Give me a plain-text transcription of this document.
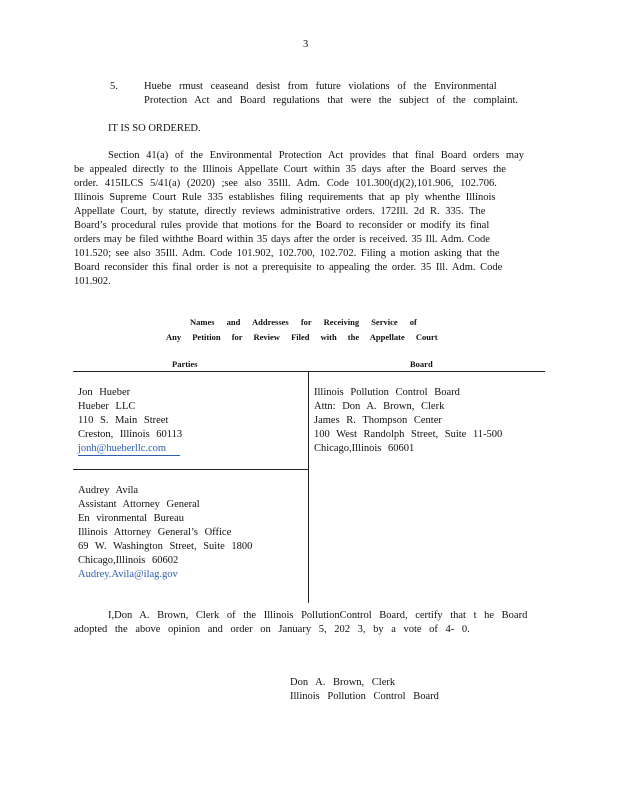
3
5. Huebe rmust ceaseand desist from future violations of the Environmental
Protection Act and Board regulations that were the subject of the complaint.
IT IS SO ORDERED.
Section 41(a) of the Environmental Protection Act provides that final Board orders may
be appealed directly to the Illinois Appellate Court within 35 days after the Board serves the
order. 415ILCS 5/41(a) (2020) ;see also 35Ill. Adm. Code 101.300(d)(2),101.906, 102.706.
Illinois Supreme Court Rule 335 establishes filing requirements that ap ply whenthe Illinois
Appellate Court, by statute, directly reviews administrative orders. 172Ill. 2d R. 335. The
Board’s procedural rules provide that motions for the Board to reconsider or modify its final
orders may be filed withthe Board within 35 days after the order is received. 35 Ill. Adm. Code
101.520; see also 35Ill. Adm. Code 101.902, 102.700, 102.702. Filing a motion asking that the
Board reconsider this final order is not a prerequisite to appealing the order. 35 Ill. Adm. Code
101.902.
Names and Addresses for Receiving Service of
Any Petition for Review Filed with the Appellate Court
Parties	Board
Jon Hueber
Hueber LLC
110 S. Main Street
Creston, Illinois 60113
jonh@hueberllc.com
Audrey Avila
Assistant Attorney General
En vironmental Bureau
Illinois Attorney General’s Office
69 W. Washington Street, Suite 1800
Chicago,Illinois 60602
Audrey.Avila@ilag.gov
Illinois Pollution Control Board
Attn: Don A. Brown, Clerk
James R. Thompson Center
100 West Randolph Street, Suite 11-500
Chicago,Illinois 60601
I,Don A. Brown, Clerk of the Illinois PollutionControl Board, certify that t he Board
adopted the above opinion and order on January 5, 202 3, by a vote of 4- 0.
Don A. Brown, Clerk
Illinois Pollution Control Board
